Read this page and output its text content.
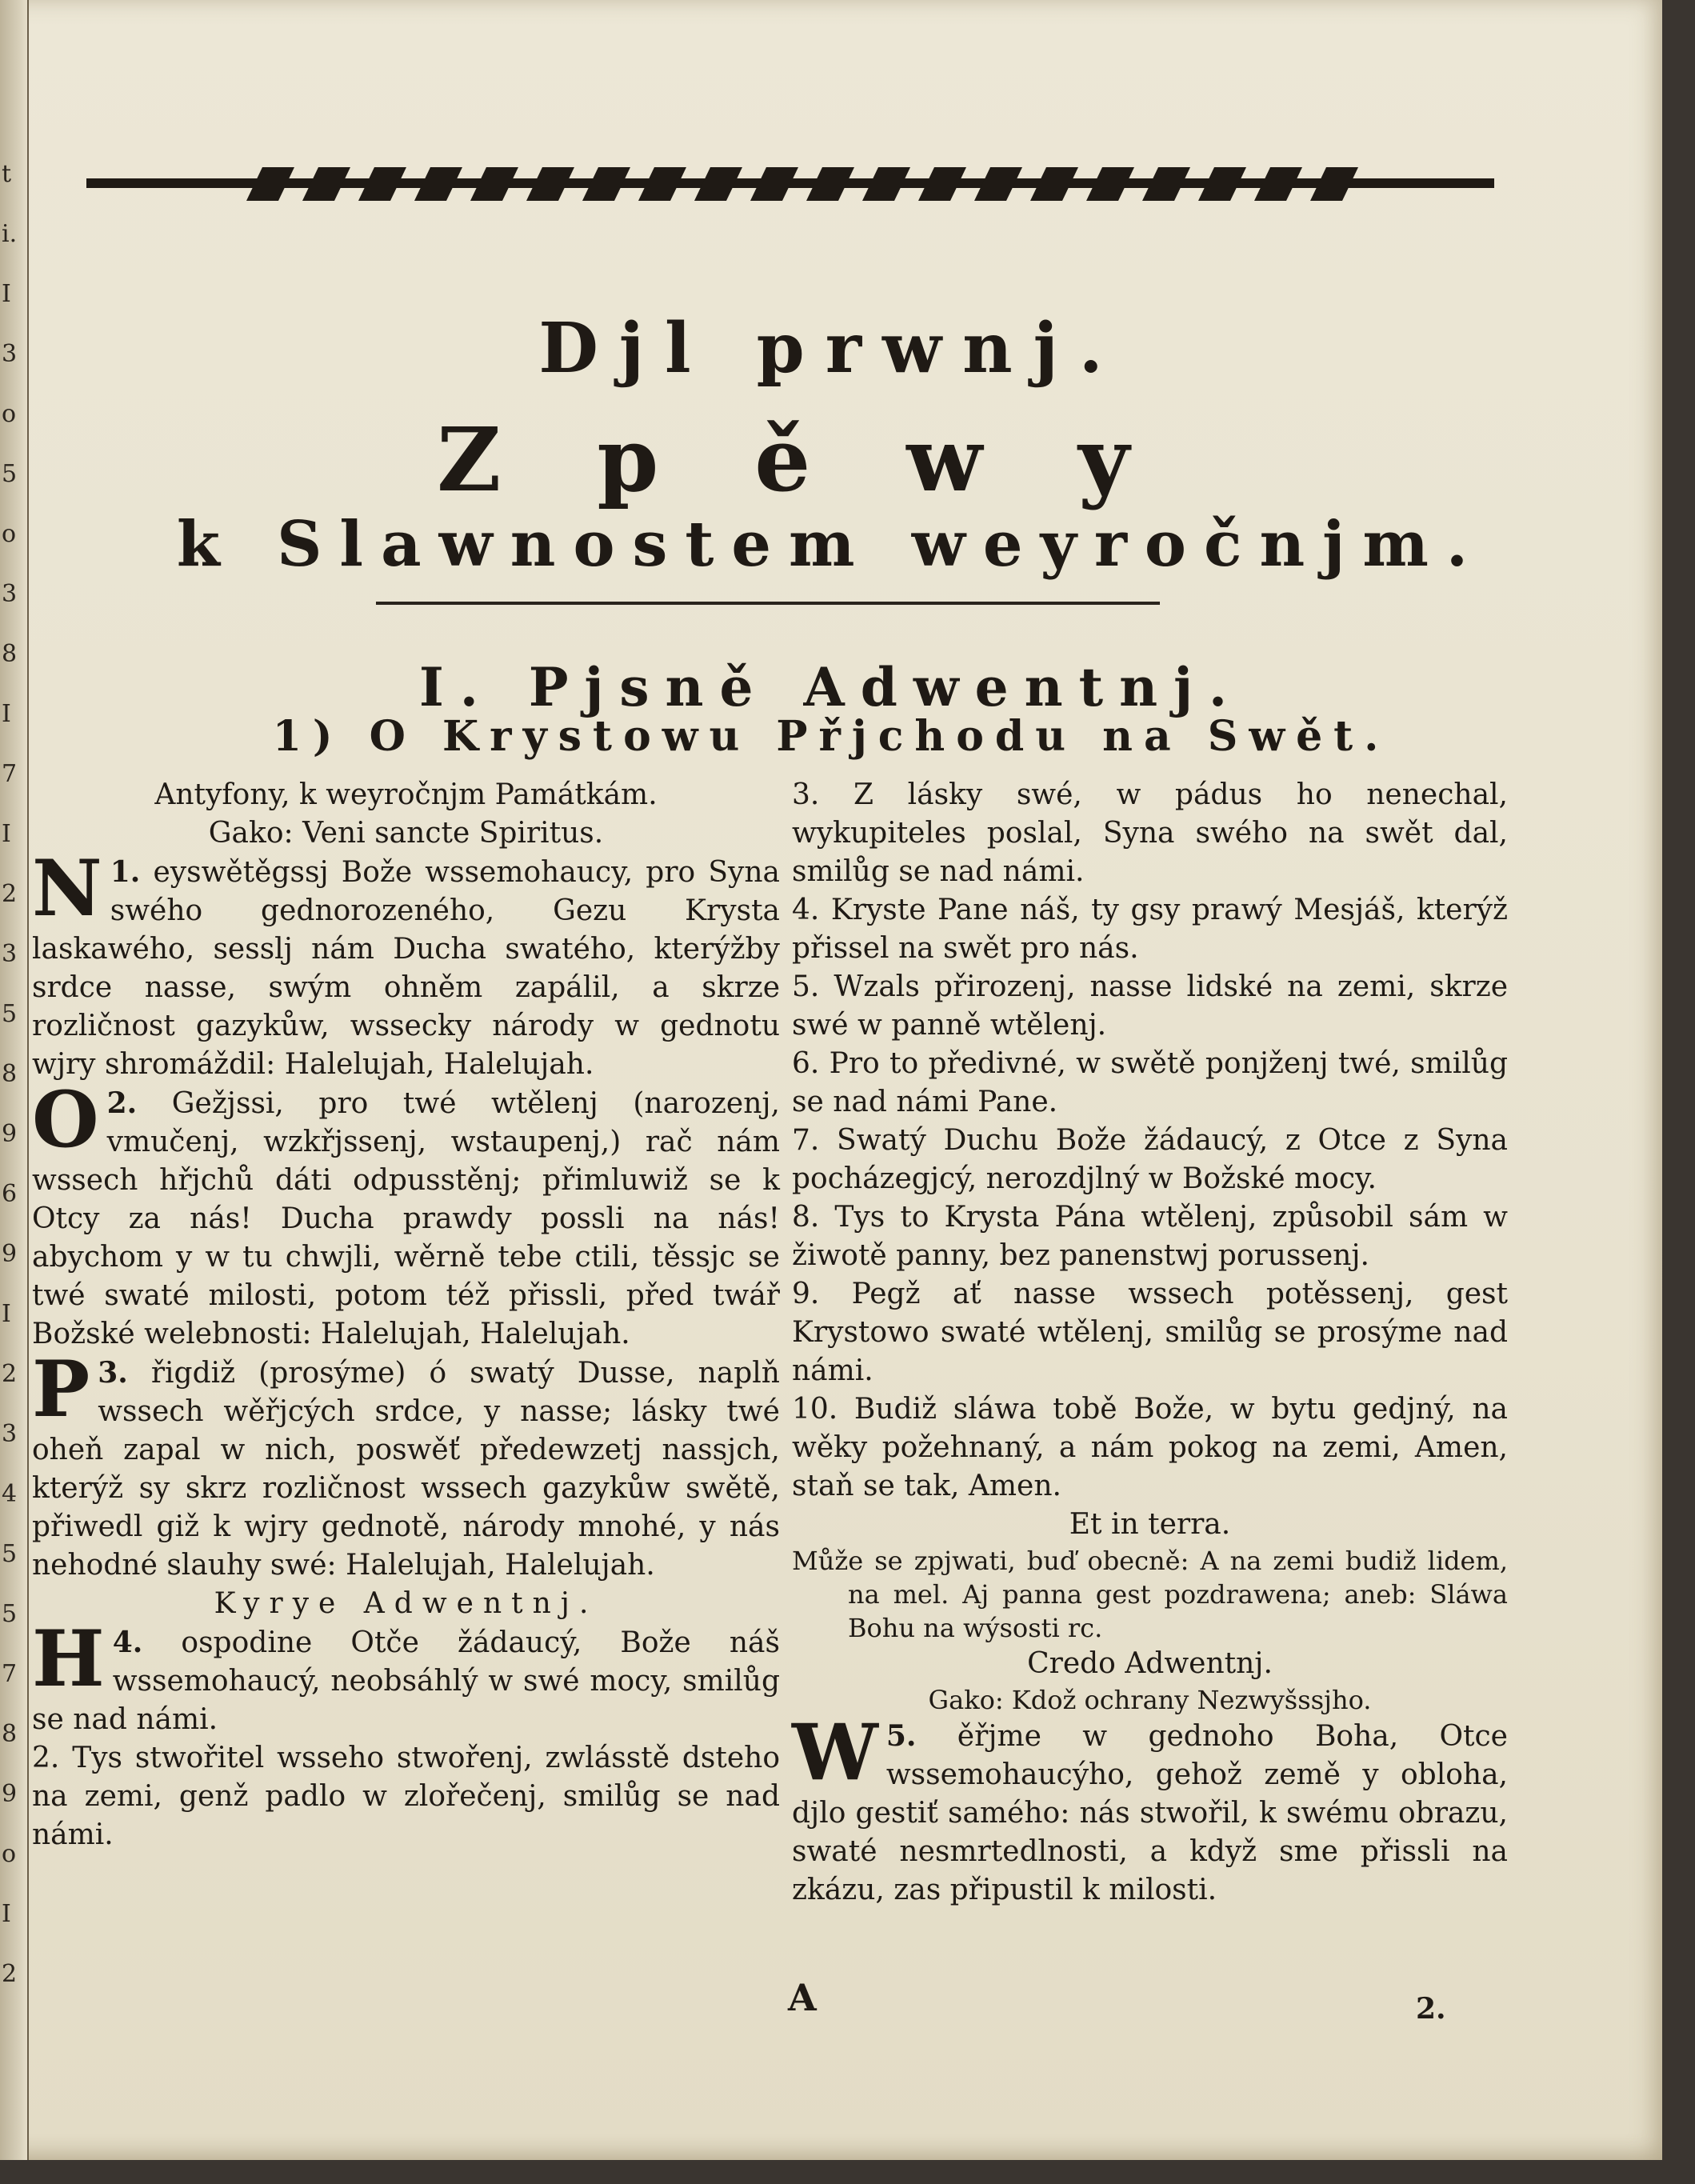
t
i.
I
3
o
5
o
3
8
I
7
I
2
3
5
8
9
6
9
I
2
3
4
5
5
7
8
9
o
I
2
Djl prwnj.
Zpěwy
k Slawnostem weyročnjm.
I. Pjsně Adwentnj.
1) O Krystowu Přjchodu na Swět.

Antyfony, k weyročnjm Památkám.

Gako: Veni sancte Spiritus.

1.
N eyswětěgssj Bože wssemohaucy, pro Syna swého gednorozeného, Gezu Krysta laskawého, sesslj nám Ducha swatého, kterýžby srdce nasse, swým ohněm zapálil, a skrze rozličnost gazykůw, wssecky národy w gednotu wjry shromáždil: Halelujah, Halelujah.

2.
O	Gežjssi, pro twé wtělenj (narozenj, vmučenj, wzkřjssenj, wstaupenj,) rač nám wssech hřjchů dáti odpusstěnj; přimluwiž se k Otcy za nás! Ducha prawdy possli na nás! abychom y w tu chwjli, wěrně tebe ctili, těssjc se twé swaté milosti, potom též přissli, před twář Božské welebnosti: Halelujah, Halelujah.

3.
P řigdiž (prosýme) ó swatý Dusse, naplň wssech wěřjcých srdce, y nasse; lásky twé oheň zapal w nich, poswěť předewzetj nassjch, kterýž sy skrz rozličnost wssech gazykůw swětě, přiwedl giž k wjry gednotě, národy mnohé, y nás nehodné slauhy swé: Halelujah, Halelujah.

Kyrye Adwentnj.

4.
H	ospodine Otče žádaucý, Bože náš wssemohaucý, neobsáhlý w swé mocy, smilůg se nad námi.

2. Tys stwořitel wsseho stwořenj, zwlásstě dsteho na zemi, genž padlo w zlořečenj, smilůg se nad námi.

3. Z lásky swé, w pádus ho nenechal, wykupiteles poslal, Syna swého na swět dal, smilůg se nad námi.

4. Kryste Pane náš, ty gsy prawý Mesjáš, kterýž přissel na swět pro nás.

5. Wzals přirozenj, nasse lidské na zemi, skrze swé w panně wtělenj.

6. Pro to předivné, w swětě ponjženj twé, smilůg se nad námi Pane.

7. Swatý Duchu Bože žádaucý, z Otce z Syna pocházegjcý, nerozdjlný w Božské mocy.

8. Tys to Krysta Pána wtělenj, způsobil sám w žiwotě panny, bez panenstwj porussenj.

9. Pegž ať nasse wssech potěssenj, gest Krystowo swaté wtělenj, smilůg se prosýme nad námi.

10. Budiž sláwa tobě Bože, w bytu gedjný, na wěky požehnaný, a nám pokog na zemi, Amen, staň se tak, Amen.

Et in terra.

Může se zpjwati, buď obecně: A na zemi budiž lidem, na mel. Aj panna gest pozdrawena; aneb: Sláwa Bohu na wýsosti rc.

Credo Adwentnj.

Gako: Kdož ochrany Nezwyšssjho.

5.
W	ěřjme w gednoho Boha, Otce wssemohaucýho, gehož země y obloha, djlo gestiť samého: nás stwořil, k swému obrazu, swaté nesmrtedlnosti, a když sme přissli na zkázu, zas připustil k milosti.

A	2.
